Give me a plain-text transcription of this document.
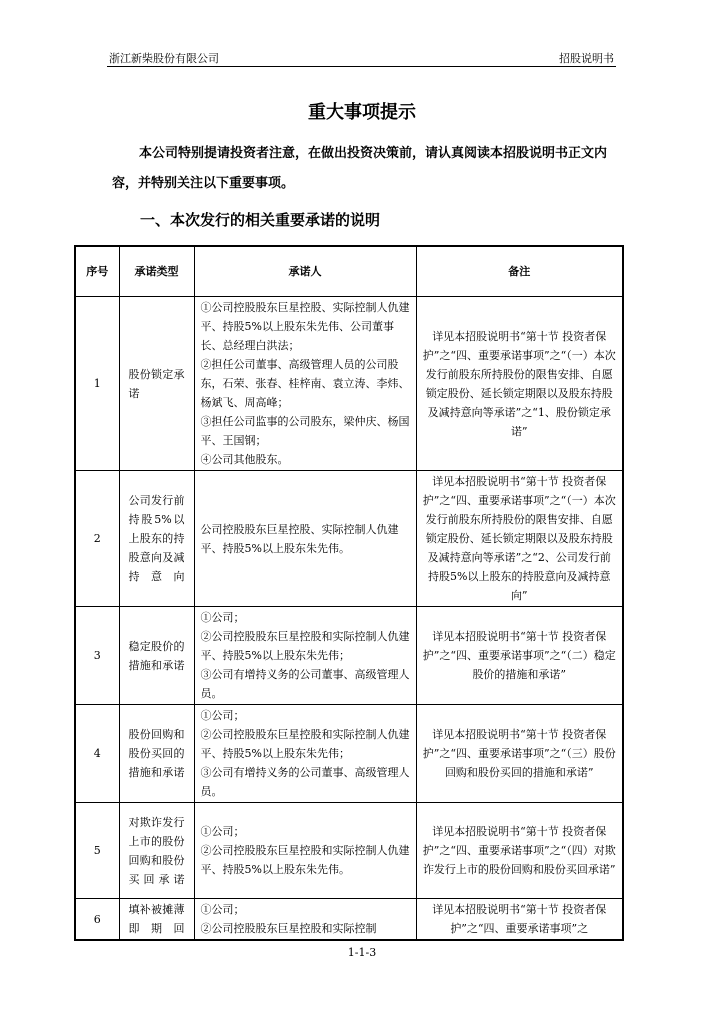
浙江新柴股份有限公司	招股说明书
重大事项提示
本公司特别提请投资者注意，在做出投资决策前，请认真阅读本招股说明书正文内容，并特别关注以下重要事项。
一、本次发行的相关重要承诺的说明
序号	承诺类型	承诺人	备注
1	股份锁定承诺	①公司控股股东巨星控股、实际控制人仇建平、持股5%以上股东朱先伟、公司董事长、总经理白洪法；
②担任公司董事、高级管理人员的公司股东，石荣、张春、桂梓南、袁立涛、李炜、杨斌飞、周高峰；
③担任公司监事的公司股东，梁仲庆、杨国平、王国钢；
④公司其他股东。	详见本招股说明书“第十节 投资者保护”之“四、重要承诺事项”之“（一）本次发行前股东所持股份的限售安排、自愿锁定股份、延长锁定期限以及股东持股及减持意向等承诺”之“1、股份锁定承诺”
2	公司发行前持股5%以上股东的持股意向及减持意向	公司控股股东巨星控股、实际控制人仇建平、持股5%以上股东朱先伟。	详见本招股说明书“第十节 投资者保护”之“四、重要承诺事项”之“（一）本次发行前股东所持股份的限售安排、自愿锁定股份、延长锁定期限以及股东持股及减持意向等承诺”之“2、公司发行前持股5%以上股东的持股意向及减持意向”
3	稳定股价的措施和承诺	①公司；
②公司控股股东巨星控股和实际控制人仇建平、持股5%以上股东朱先伟；
③公司有增持义务的公司董事、高级管理人员。	详见本招股说明书“第十节 投资者保护”之“四、重要承诺事项”之“（二）稳定股价的措施和承诺”
4	股份回购和股份买回的措施和承诺	①公司；
②公司控股股东巨星控股和实际控制人仇建平、持股5%以上股东朱先伟；
③公司有增持义务的公司董事、高级管理人员。	详见本招股说明书“第十节 投资者保护”之“四、重要承诺事项”之“（三）股份回购和股份买回的措施和承诺”
5	对欺诈发行上市的股份回购和股份买回承诺	①公司；
②公司控股股东巨星控股和实际控制人仇建平、持股5%以上股东朱先伟。	详见本招股说明书“第十节 投资者保护”之“四、重要承诺事项”之“（四）对欺诈发行上市的股份回购和股份买回承诺”
6	填补被摊薄即期回	①公司；
②公司控股股东巨星控股和实际控制	详见本招股说明书“第十节 投资者保护”之“四、重要承诺事项”之
1-1-3
